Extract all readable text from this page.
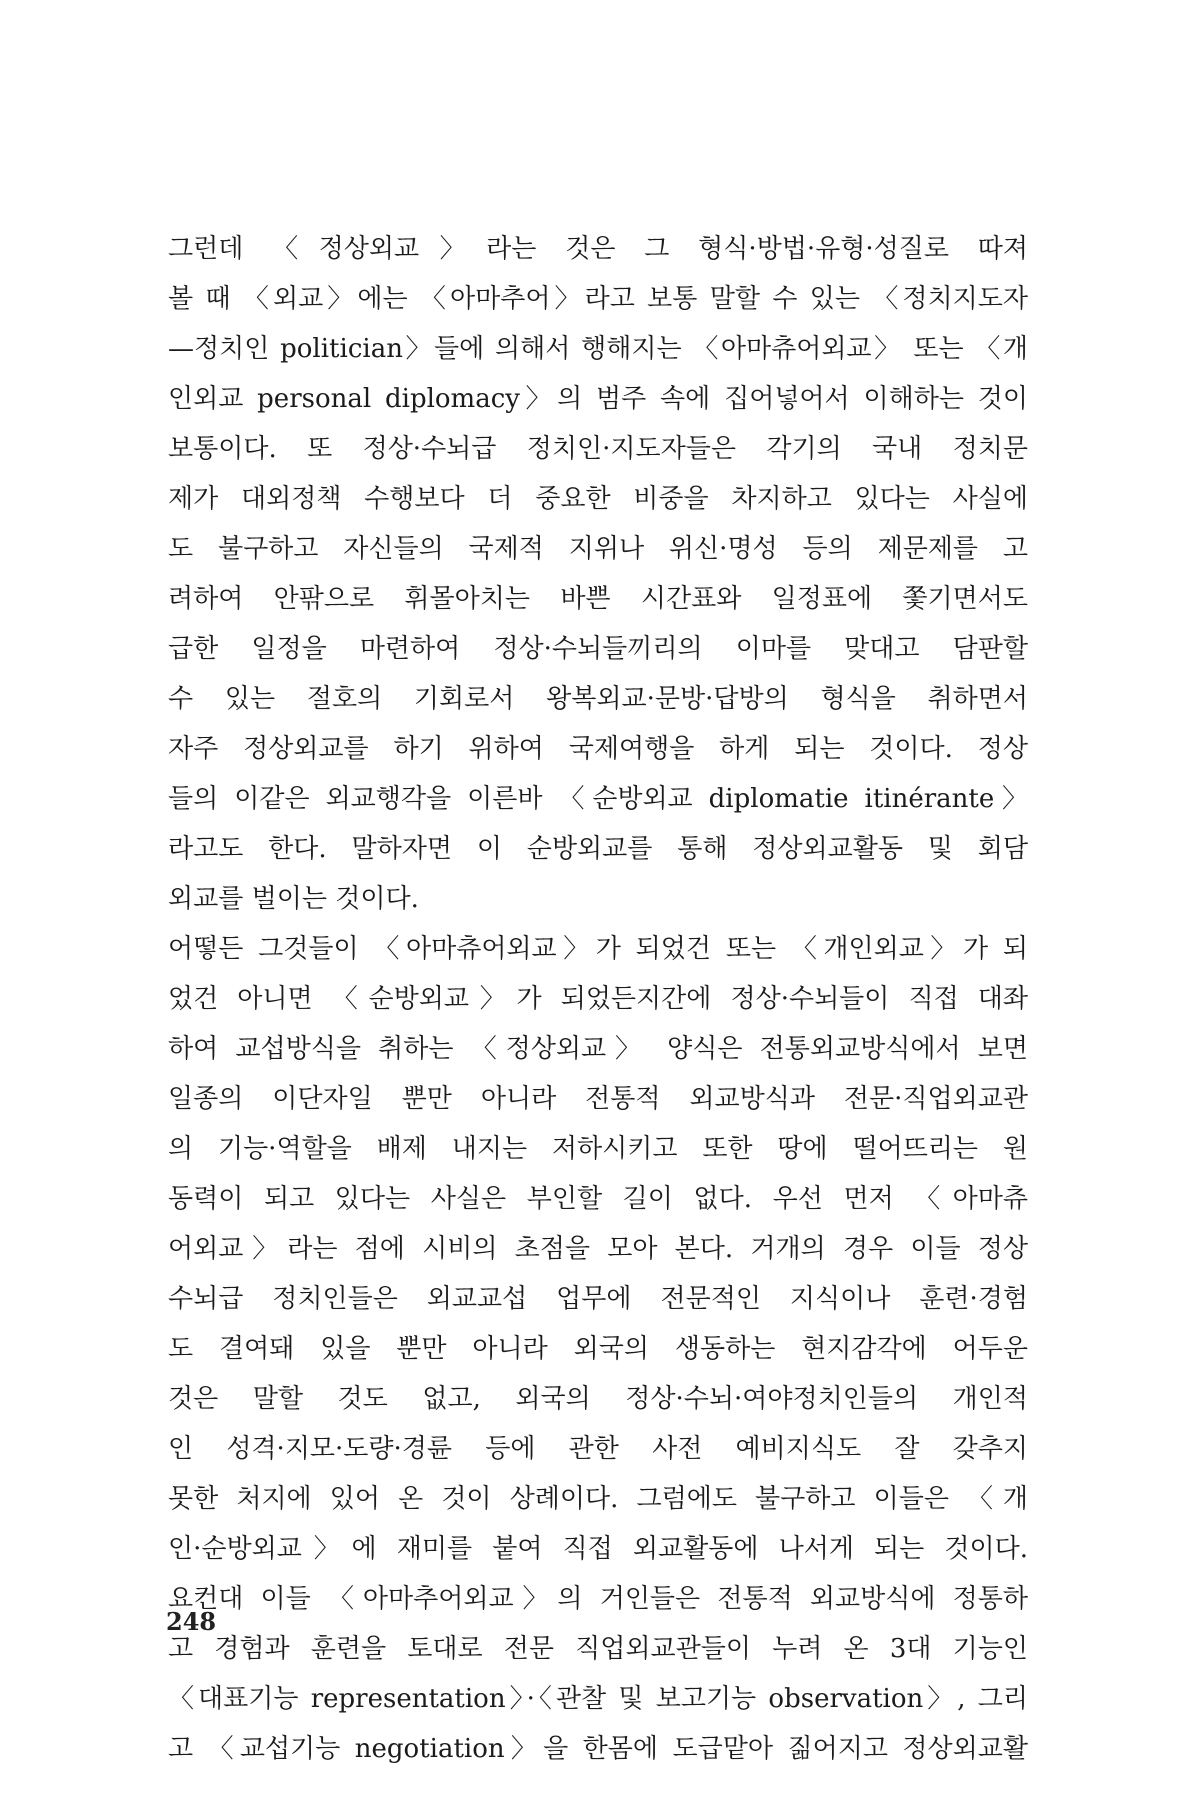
그런데 〈정상외교〉라는 것은 그 형식·방법·유형·성질로 따져
볼 때 〈외교〉에는 〈아마추어〉라고 보통 말할 수 있는 〈정치지도자
—정치인 politician〉들에 의해서 행해지는 〈아마츄어외교〉 또는 〈개
인외교 personal diplomacy〉의 범주 속에 집어넣어서 이해하는 것이
보통이다. 또 정상·수뇌급 정치인·지도자들은 각기의 국내 정치문
제가 대외정책 수행보다 더 중요한 비중을 차지하고 있다는 사실에
도 불구하고 자신들의 국제적 지위나 위신·명성 등의 제문제를 고
려하여 안팎으로 휘몰아치는 바쁜 시간표와 일정표에 쫓기면서도
급한 일정을 마련하여 정상·수뇌들끼리의 이마를 맞대고 담판할
수 있는 절호의 기회로서 왕복외교·문방·답방의 형식을 취하면서
자주 정상외교를 하기 위하여 국제여행을 하게 되는 것이다. 정상
들의 이같은 외교행각을 이른바 〈순방외교 diplomatie itinérante〉
라고도 한다. 말하자면 이 순방외교를 통해 정상외교활동 및 회담
외교를 벌이는 것이다.
어떻든 그것들이 〈아마츄어외교〉가 되었건 또는 〈개인외교〉가 되
었건 아니면 〈순방외교〉가 되었든지간에 정상·수뇌들이 직접 대좌
하여 교섭방식을 취하는 〈정상외교〉 양식은 전통외교방식에서 보면
일종의 이단자일 뿐만 아니라 전통적 외교방식과 전문·직업외교관
의 기능·역할을 배제 내지는 저하시키고 또한 땅에 떨어뜨리는 원
동력이 되고 있다는 사실은 부인할 길이 없다. 우선 먼저 〈아마츄
어외교〉라는 점에 시비의 초점을 모아 본다. 거개의 경우 이들 정상
수뇌급 정치인들은 외교교섭 업무에 전문적인 지식이나 훈련·경험
도 결여돼 있을 뿐만 아니라 외국의 생동하는 현지감각에 어두운
것은 말할 것도 없고, 외국의 정상·수뇌·여야정치인들의 개인적
인 성격·지모·도량·경륜 등에 관한 사전 예비지식도 잘 갖추지
못한 처지에 있어 온 것이 상례이다. 그럼에도 불구하고 이들은 〈개
인·순방외교〉에 재미를 붙여 직접 외교활동에 나서게 되는 것이다.
요컨대 이들 〈아마추어외교〉의 거인들은 전통적 외교방식에 정통하
고 경험과 훈련을 토대로 전문 직업외교관들이 누려 온 3대 기능인
〈대표기능 representation〉·〈관찰 및 보고기능 observation〉, 그리
고 〈교섭기능 negotiation〉을 한몸에 도급맡아 짊어지고 정상외교활
248
